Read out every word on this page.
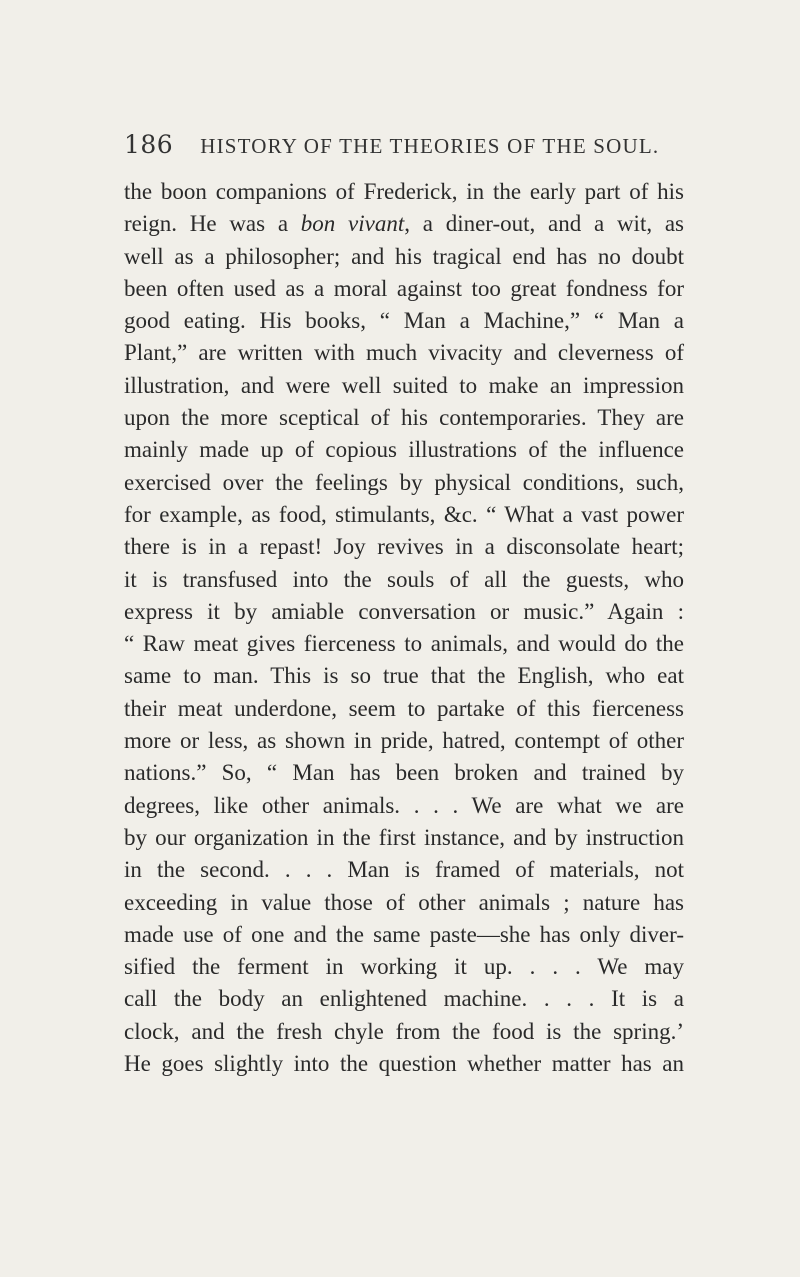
186 HISTORY OF THE THEORIES OF THE SOUL.
the boon companions of Frederick, in the early part of his
reign. He was a bon vivant, a diner-out, and a wit, as
well as a philosopher; and his tragical end has no doubt
been often used as a moral against too great fondness for
good eating. His books, “ Man a Machine,” “ Man a
Plant,” are written with much vivacity and cleverness of
illustration, and were well suited to make an impression
upon the more sceptical of his contemporaries. They are
mainly made up of copious illustrations of the influence
exercised over the feelings by physical conditions, such,
for example, as food, stimulants, &c. “ What a vast power
there is in a repast! Joy revives in a disconsolate heart;
it is transfused into the souls of all the guests, who
express it by amiable conversation or music.” Again :
“ Raw meat gives fierceness to animals, and would do the
same to man. This is so true that the English, who eat
their meat underdone, seem to partake of this fierceness
more or less, as shown in pride, hatred, contempt of other
nations.” So, “ Man has been broken and trained by
degrees, like other animals. . . . We are what we are
by our organization in the first instance, and by instruction
in the second. . . . Man is framed of materials, not
exceeding in value those of other animals ; nature has
made use of one and the same paste—she has only diver-
sified the ferment in working it up. . . . We may
call the body an enlightened machine. . . . It is a
clock, and the fresh chyle from the food is the spring.’
He goes slightly into the question whether matter has an
